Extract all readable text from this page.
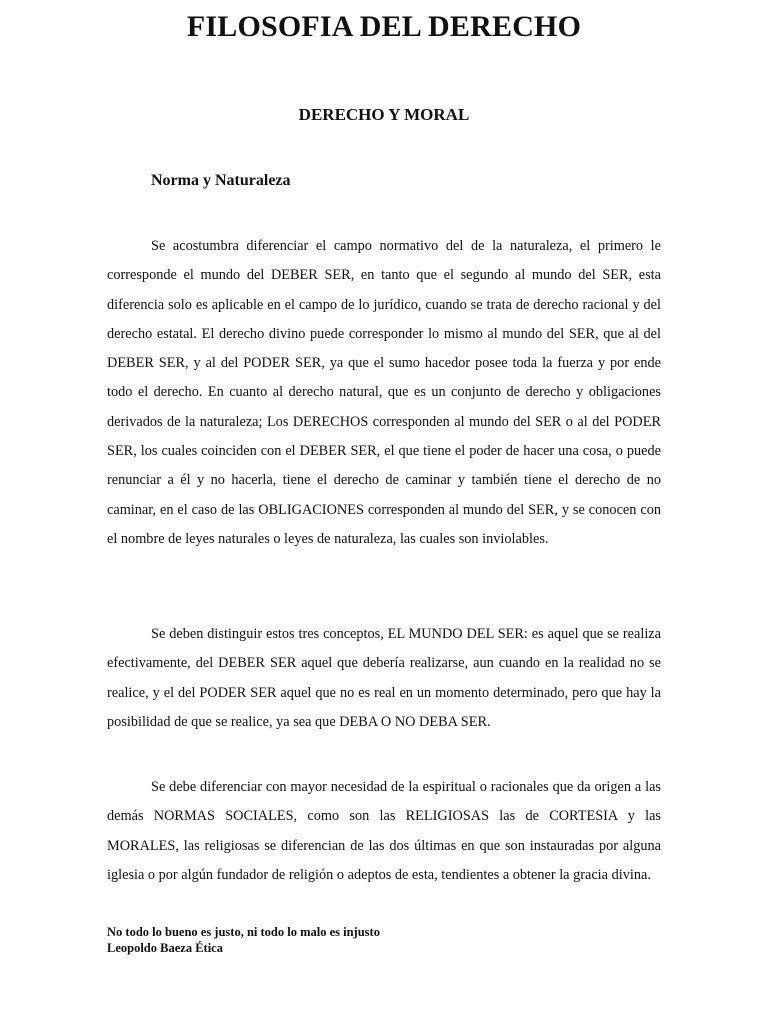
FILOSOFIA DEL DERECHO
DERECHO Y MORAL
Norma y Naturaleza

Se acostumbra diferenciar el campo normativo del de la naturaleza, el primero le corresponde el mundo del DEBER SER, en tanto que el segundo al mundo del SER, esta diferencia solo es aplicable en el campo de lo jurídico, cuando se trata de derecho racional y del derecho estatal. El derecho divino puede corresponder lo mismo al mundo del SER, que al del DEBER SER, y al del PODER SER, ya que el sumo hacedor posee toda la fuerza y por ende todo el derecho. En cuanto al derecho natural, que es un conjunto de derecho y obligaciones derivados de la naturaleza; Los DERECHOS corresponden al mundo del SER o al del PODER SER, los cuales coinciden con el DEBER SER, el que tiene el poder de hacer una cosa, o puede renunciar a él y no hacerla, tiene el derecho de caminar y también tiene el derecho de no caminar, en el caso de las OBLIGACIONES corresponden al mundo del SER, y se conocen con el nombre de leyes naturales o leyes de naturaleza, las cuales son inviolables.

Se deben distinguir estos tres conceptos, EL MUNDO DEL SER: es aquel que se realiza efectivamente, del DEBER SER aquel que debería realizarse, aun cuando en la realidad no se realice, y el del PODER SER aquel que no es real en un momento determinado, pero que hay la posibilidad de que se realice, ya sea que DEBA O NO DEBA SER.

Se debe diferenciar con mayor necesidad de la espiritual o racionales que da origen a las demás NORMAS SOCIALES, como son las RELIGIOSAS las de CORTESIA y las MORALES, las religiosas se diferencian de las dos últimas en que son instauradas por alguna iglesia o por algún fundador de religión o adeptos de esta, tendientes a obtener la gracia divina.

No todo lo bueno es justo, ni todo lo malo es injusto
Leopoldo Baeza Ética
